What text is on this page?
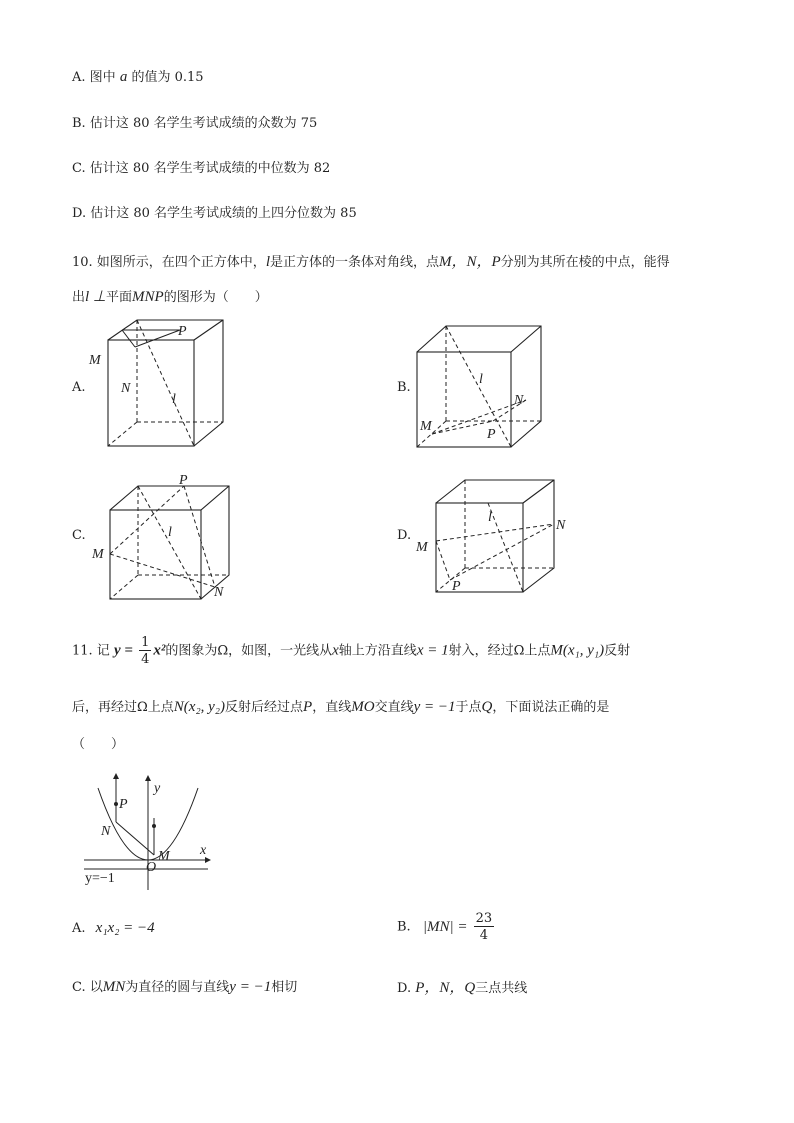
A. 图中 a 的值为 0.15
B. 估计这 80 名学生考试成绩的众数为 75
C. 估计这 80 名学生考试成绩的中位数为 82
D. 估计这 80 名学生考试成绩的上四分位数为 85
10. 如图所示，在四个正方体中，l是正方体的一条体对角线，点M，N，P分别为其所在棱的中点，能得
出l ⊥平面MNP的图形为（　　）
A.	B.
C.	D.
M
N
P
l
M
N
P
l
M
N
P
l
M
N
P
l
11. 记 $y = \frac{1}{4} x^2$的图象为Ω，如图，一光线从x轴上方沿直线x = 1射入，经过Ω上点M(x₁, y₁)反射
后，再经过Ω上点N(x₂, y₂)反射后经过点P，直线MO交直线y = −1于点Q，下面说法正确的是
（　　）
y
x
P
N
M
O
y=−1
A. x₁x₂ = −4	B. $|MN| = \frac{23}{4}$
C. 以MN为直径的圆与直线y = −1相切	D. P，N，Q三点共线
